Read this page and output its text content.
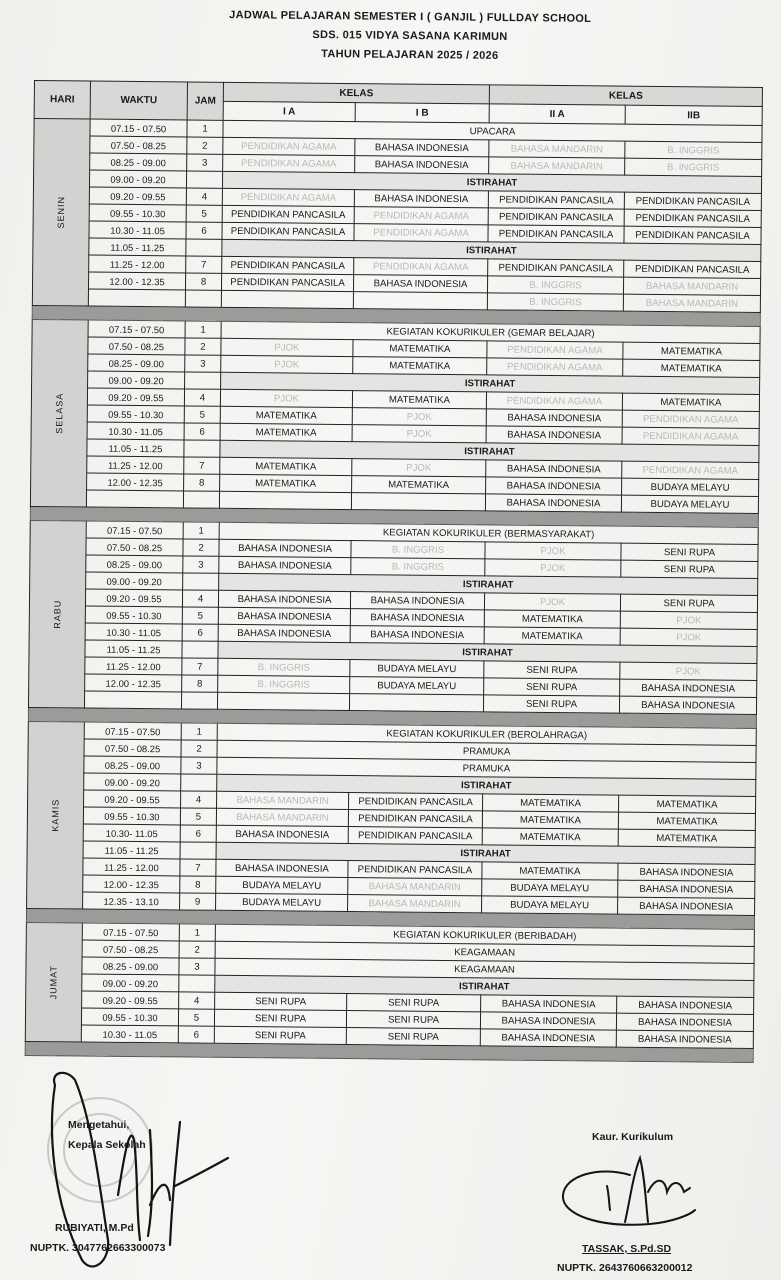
JADWAL PELAJARAN SEMESTER I ( GANJIL ) FULLDAY SCHOOL
SDS. 015 VIDYA SASANA KARIMUN
TAHUN PELAJARAN 2025 / 2026
HARI	WAKTU	JAM	KELAS		KELAS	
			I A	I B	II A	IIB
SENIN	07.15 - 07.50	1	UPACARA			
	07.50 - 08.25	2	PENDIDIKAN AGAMA	BAHASA INDONESIA	BAHASA MANDARIN	B. INGGRIS
	08.25 - 09.00	3	PENDIDIKAN AGAMA	BAHASA INDONESIA	BAHASA MANDARIN	B. INGGRIS
	09.00 - 09.20		ISTIRAHAT			
	09.20 - 09.55	4	PENDIDIKAN AGAMA	BAHASA INDONESIA	PENDIDIKAN PANCASILA	PENDIDIKAN PANCASILA
	09.55 - 10.30	5	PENDIDIKAN PANCASILA	PENDIDIKAN AGAMA	PENDIDIKAN PANCASILA	PENDIDIKAN PANCASILA
	10.30 - 11.05	6	PENDIDIKAN PANCASILA	PENDIDIKAN AGAMA	PENDIDIKAN PANCASILA	PENDIDIKAN PANCASILA
	11.05 - 11.25		ISTIRAHAT			
	11.25 - 12.00	7	PENDIDIKAN PANCASILA	PENDIDIKAN AGAMA	PENDIDIKAN PANCASILA	PENDIDIKAN PANCASILA
	12.00 - 12.35	8	PENDIDIKAN PANCASILA	BAHASA INDONESIA	B. INGGRIS	BAHASA MANDARIN
					B. INGGRIS	BAHASA MANDARIN

SELASA	07.15 - 07.50	1	KEGIATAN KOKURIKULER (GEMAR BELAJAR)			
	07.50 - 08.25	2	PJOK	MATEMATIKA	PENDIDIKAN AGAMA	MATEMATIKA
	08.25 - 09.00	3	PJOK	MATEMATIKA	PENDIDIKAN AGAMA	MATEMATIKA
	09.00 - 09.20		ISTIRAHAT			
	09.20 - 09.55	4	PJOK	MATEMATIKA	PENDIDIKAN AGAMA	MATEMATIKA
	09.55 - 10.30	5	MATEMATIKA	PJOK	BAHASA INDONESIA	PENDIDIKAN AGAMA
	10.30 - 11.05	6	MATEMATIKA	PJOK	BAHASA INDONESIA	PENDIDIKAN AGAMA
	11.05 - 11.25		ISTIRAHAT			
	11.25 - 12.00	7	MATEMATIKA	PJOK	BAHASA INDONESIA	PENDIDIKAN AGAMA
	12.00 - 12.35	8	MATEMATIKA	MATEMATIKA	BAHASA INDONESIA	BUDAYA MELAYU
					BAHASA INDONESIA	BUDAYA MELAYU

RABU	07.15 - 07.50	1	KEGIATAN KOKURIKULER (BERMASYARAKAT)			
	07.50 - 08.25	2	BAHASA INDONESIA	B. INGGRIS	PJOK	SENI RUPA
	08.25 - 09.00	3	BAHASA INDONESIA	B. INGGRIS	PJOK	SENI RUPA
	09.00 - 09.20		ISTIRAHAT			
	09.20 - 09.55	4	BAHASA INDONESIA	BAHASA INDONESIA	PJOK	SENI RUPA
	09.55 - 10.30	5	BAHASA INDONESIA	BAHASA INDONESIA	MATEMATIKA	PJOK
	10.30 - 11.05	6	BAHASA INDONESIA	BAHASA INDONESIA	MATEMATIKA	PJOK
	11.05 - 11.25		ISTIRAHAT			
	11.25 - 12.00	7	B. INGGRIS	BUDAYA MELAYU	SENI RUPA	PJOK
	12.00 - 12.35	8	B. INGGRIS	BUDAYA MELAYU	SENI RUPA	BAHASA INDONESIA
					SENI RUPA	BAHASA INDONESIA

KAMIS	07.15 - 07.50	1	KEGIATAN KOKURIKULER (BEROLAHRAGA)			
	07.50 - 08.25	2	PRAMUKA			
	08.25 - 09.00	3	PRAMUKA			
	09.00 - 09.20		ISTIRAHAT			
	09.20 - 09.55	4	BAHASA MANDARIN	PENDIDIKAN PANCASILA	MATEMATIKA	MATEMATIKA
	09.55 - 10.30	5	BAHASA MANDARIN	PENDIDIKAN PANCASILA	MATEMATIKA	MATEMATIKA
	10.30- 11.05	6	BAHASA INDONESIA	PENDIDIKAN PANCASILA	MATEMATIKA	MATEMATIKA
	11.05 - 11.25		ISTIRAHAT			
	11.25 - 12.00	7	BAHASA INDONESIA	PENDIDIKAN PANCASILA	MATEMATIKA	BAHASA INDONESIA
	12.00 - 12.35	8	BUDAYA MELAYU	BAHASA MANDARIN	BUDAYA MELAYU	BAHASA INDONESIA
	12.35 - 13.10	9	BUDAYA MELAYU	BAHASA MANDARIN	BUDAYA MELAYU	BAHASA INDONESIA

JUMAT	07.15 - 07.50	1	KEGIATAN KOKURIKULER (BERIBADAH)			
	07.50 - 08.25	2	KEAGAMAAN			
	08.25 - 09.00	3	KEAGAMAAN			
	09.00 - 09.20		ISTIRAHAT			
	09.20 - 09.55	4	SENI RUPA	SENI RUPA	BAHASA INDONESIA	BAHASA INDONESIA
	09.55 - 10.30	5	SENI RUPA	SENI RUPA	BAHASA INDONESIA	BAHASA INDONESIA
	10.30 - 11.05	6	SENI RUPA	SENI RUPA	BAHASA INDONESIA	BAHASA INDONESIA

Mengetahui,
Kepala Sekolah
RUBIYATI, M.Pd
NUPTK. 3047762663300073
Kaur. Kurikulum
TASSAK, S.Pd.SD
NUPTK. 2643760663200012
